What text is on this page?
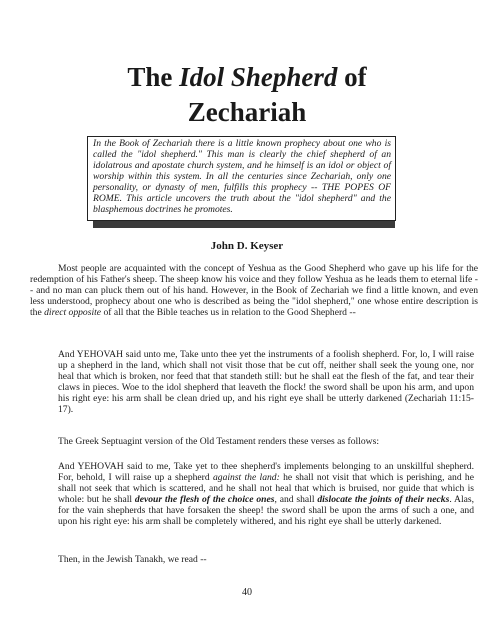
The Idol Shepherd of
Zechariah

In the Book of Zechariah there is a little known prophecy about one who is called the "idol shepherd." This man is clearly the chief shepherd of an idolatrous and apostate church system, and he himself is an idol or object of worship within this system. In all the centuries since Zechariah, only one personality, or dynasty of men, fulfills this prophecy -- THE POPES OF ROME. This article uncovers the truth about the "idol shepherd" and the blasphemous doctrines he promotes.

John D. Keyser
Most people are acquainted with the concept of Yeshua as the Good Shepherd who gave up his life for the redemption of his Father's sheep. The sheep know his voice and they follow Yeshua as he leads them to eternal life -- and no man can pluck them out of his hand. However, in the Book of Zechariah we find a little known, and even less understood, prophecy about one who is described as being the "idol shepherd," one whose entire description is the direct opposite of all that the Bible teaches us in relation to the Good Shepherd --
And YEHOVAH said unto me, Take unto thee yet the instruments of a foolish shepherd. For, lo, I will raise up a shepherd in the land, which shall not visit those that be cut off, neither shall seek the young one, nor heal that which is broken, nor feed that that standeth still: but he shall eat the flesh of the fat, and tear their claws in pieces. Woe to the idol shepherd that leaveth the flock! the sword shall be upon his arm, and upon his right eye: his arm shall be clean dried up, and his right eye shall be utterly darkened (Zechariah 11:15-17).
The Greek Septuagint version of the Old Testament renders these verses as follows:
And YEHOVAH said to me, Take yet to thee shepherd's implements belonging to an unskillful shepherd. For, behold, I will raise up a shepherd against the land: he shall not visit that which is perishing, and he shall not seek that which is scattered, and he shall not heal that which is bruised, nor guide that which is whole: but he shall devour the flesh of the choice ones, and shall dislocate the joints of their necks. Alas, for the vain shepherds that have forsaken the sheep! the sword shall be upon the arms of such a one, and upon his right eye: his arm shall be completely withered, and his right eye shall be utterly darkened.
Then, in the Jewish Tanakh, we read --
40
